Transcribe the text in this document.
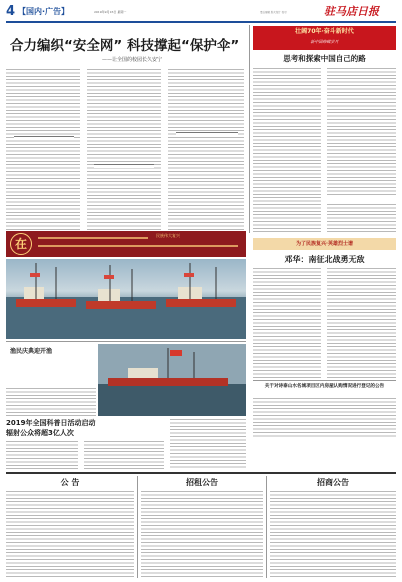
4 【国内·广告】	2019年9月16日 星期一	责任编辑 版式设计 校对	驻马店日报
合力编织“安全网” 科技撑起“保护伞”
——让全国的校园长久安宁
壮阔70年·奋斗新时代
新中国峥嵘岁月
思考和探索中国自己的路
在
民族伟大复兴
渔民庆典迎开渔
为了民族复兴·英雄烈士谱
邓华：南征北战勇无敌
关于对诗泰山水名城项目区内房屋认购情况进行登记的公告
2019年全国科普日活动启动
辐射公众将超3亿人次
公 告	招租公告	招商公告
